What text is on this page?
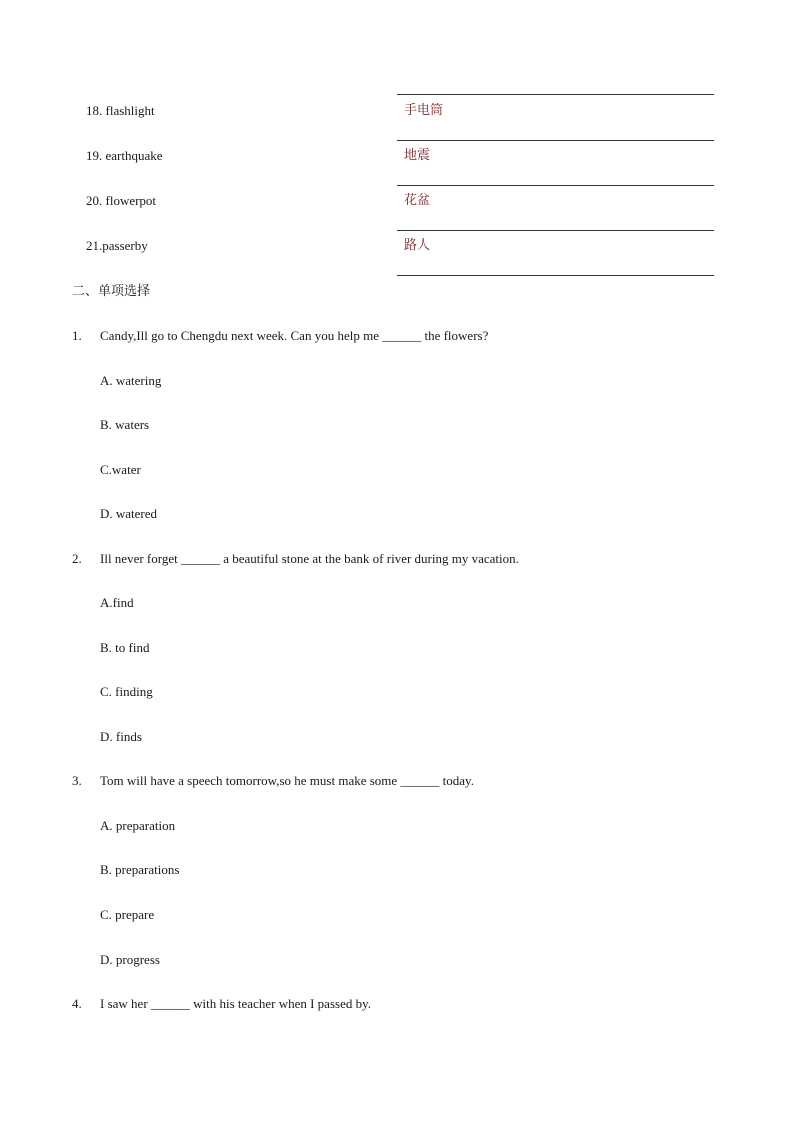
18. flashlight	手电筒
19. earthquake	地震
20. flowerpot	花盆
21.passerby	路人
二、单项选择
1. Candy,Ill go to Chengdu next week. Can you help me ______ the flowers?
A. watering
B. waters
C.water
D. watered
2. Ill never forget ______ a beautiful stone at the bank of river during my vacation.
A.find
B. to find
C. finding
D. finds
3. Tom will have a speech tomorrow,so he must make some ______ today.
A. preparation
B. preparations
C. prepare
D. progress
4. I saw her ______ with his teacher when I passed by.
